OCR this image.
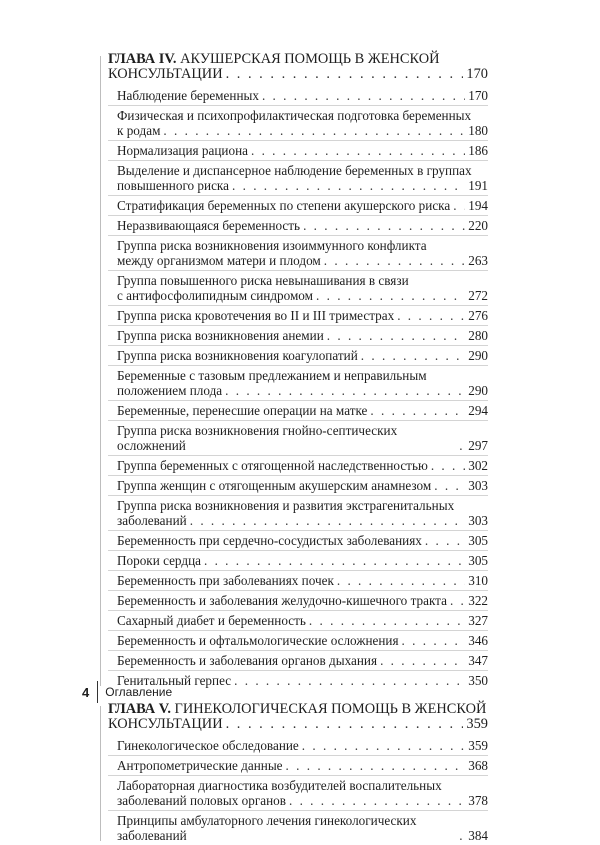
ГЛАВА IV. АКУШЕРСКАЯ ПОМОЩЬ В ЖЕНСКОЙ
КОНСУЛЬТАЦИИ . . .	170
Наблюдение беременных . . .	170
Физическая и психопрофилактическая подготовка беременных
к родам . . .	180
Нормализация рациона . . .	186
Выделение и диспансерное наблюдение беременных в группах
повышенного риска . . .	191
Стратификация беременных по степени акушерского риска . . . 194
Неразвивающаяся беременность . . .	220
Группа риска возникновения изоиммунного конфликта
между организмом матери и плодом . . .	263
Группа повышенного риска невынашивания в связи
с антифосфолипидным синдромом . . .	272
Группа риска кровотечения во II и III триместрах . . .	276
Группа риска возникновения анемии . . .	280
Группа риска возникновения коагулопатий . . .	290
Беременные с тазовым предлежанием и неправильным
положением плода . . .	290
Беременные, перенесшие операции на матке . . .	294
Группа риска возникновения гнойно-септических осложнений . . .	297
Группа беременных с отягощенной наследственностью . . .	302
Группа женщин с отягощенным акушерским анамнезом . . .	303
Группа риска возникновения и развития экстрагенитальных
заболеваний . . .	303
Беременность при сердечно-сосудистых заболеваниях . . .	305
Пороки сердца . . .	305
Беременность при заболеваниях почек . . .	310
Беременность и заболевания желудочно-кишечного тракта . . . 322
Сахарный диабет и беременность . . .	327
Беременность и офтальмологические осложнения . . .	346
Беременность и заболевания органов дыхания . . .	347
Генитальный герпес . . .	350
ГЛАВА V. ГИНЕКОЛОГИЧЕСКАЯ ПОМОЩЬ В ЖЕНСКОЙ
КОНСУЛЬТАЦИИ . . .	359
Гинекологическое обследование . . .	359
Антропометрические данные . . .	368
Лабораторная диагностика возбудителей воспалительных
заболеваний половых органов . . .	378
Принципы амбулаторного лечения гинекологических заболеваний . . .	384
4 Оглавление
